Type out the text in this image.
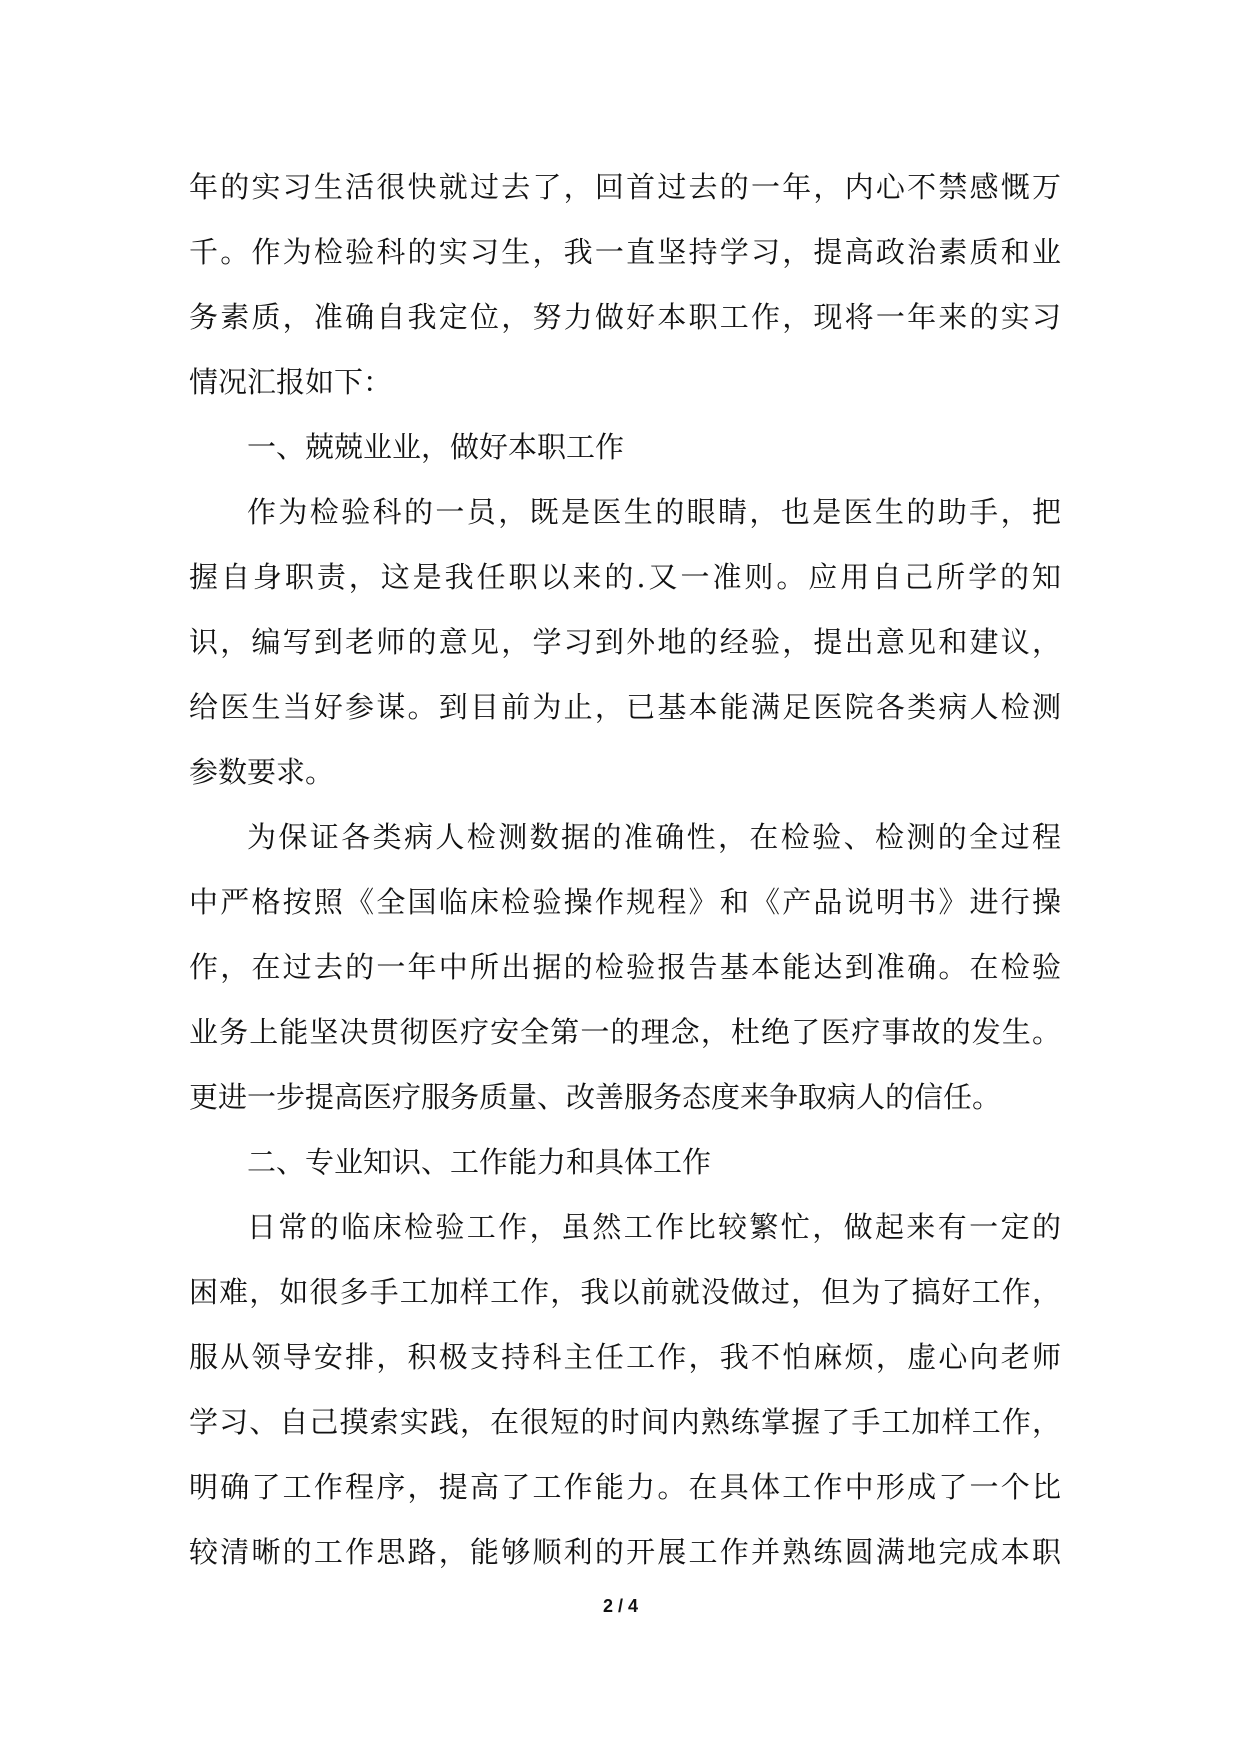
年的实习生活很快就过去了，回首过去的一年，内心不禁感慨万
千。作为检验科的实习生，我一直坚持学习，提高政治素质和业
务素质，准确自我定位，努力做好本职工作，现将一年来的实习
情况汇报如下：
一、兢兢业业，做好本职工作
作为检验科的一员，既是医生的眼睛，也是医生的助手，把
握自身职责，这是我任职以来的.又一准则。应用自己所学的知
识，编写到老师的意见，学习到外地的经验，提出意见和建议，
给医生当好参谋。到目前为止，已基本能满足医院各类病人检测
参数要求。
为保证各类病人检测数据的准确性，在检验、检测的全过程
中严格按照《全国临床检验操作规程》和《产品说明书》进行操
作，在过去的一年中所出据的检验报告基本能达到准确。在检验
业务上能坚决贯彻医疗安全第一的理念，杜绝了医疗事故的发生。
更进一步提高医疗服务质量、改善服务态度来争取病人的信任。
二、专业知识、工作能力和具体工作
日常的临床检验工作，虽然工作比较繁忙，做起来有一定的
困难，如很多手工加样工作，我以前就没做过，但为了搞好工作，
服从领导安排，积极支持科主任工作，我不怕麻烦，虚心向老师
学习、自己摸索实践，在很短的时间内熟练掌握了手工加样工作，
明确了工作程序，提高了工作能力。在具体工作中形成了一个比
较清晰的工作思路，能够顺利的开展工作并熟练圆满地完成本职
2 / 4
